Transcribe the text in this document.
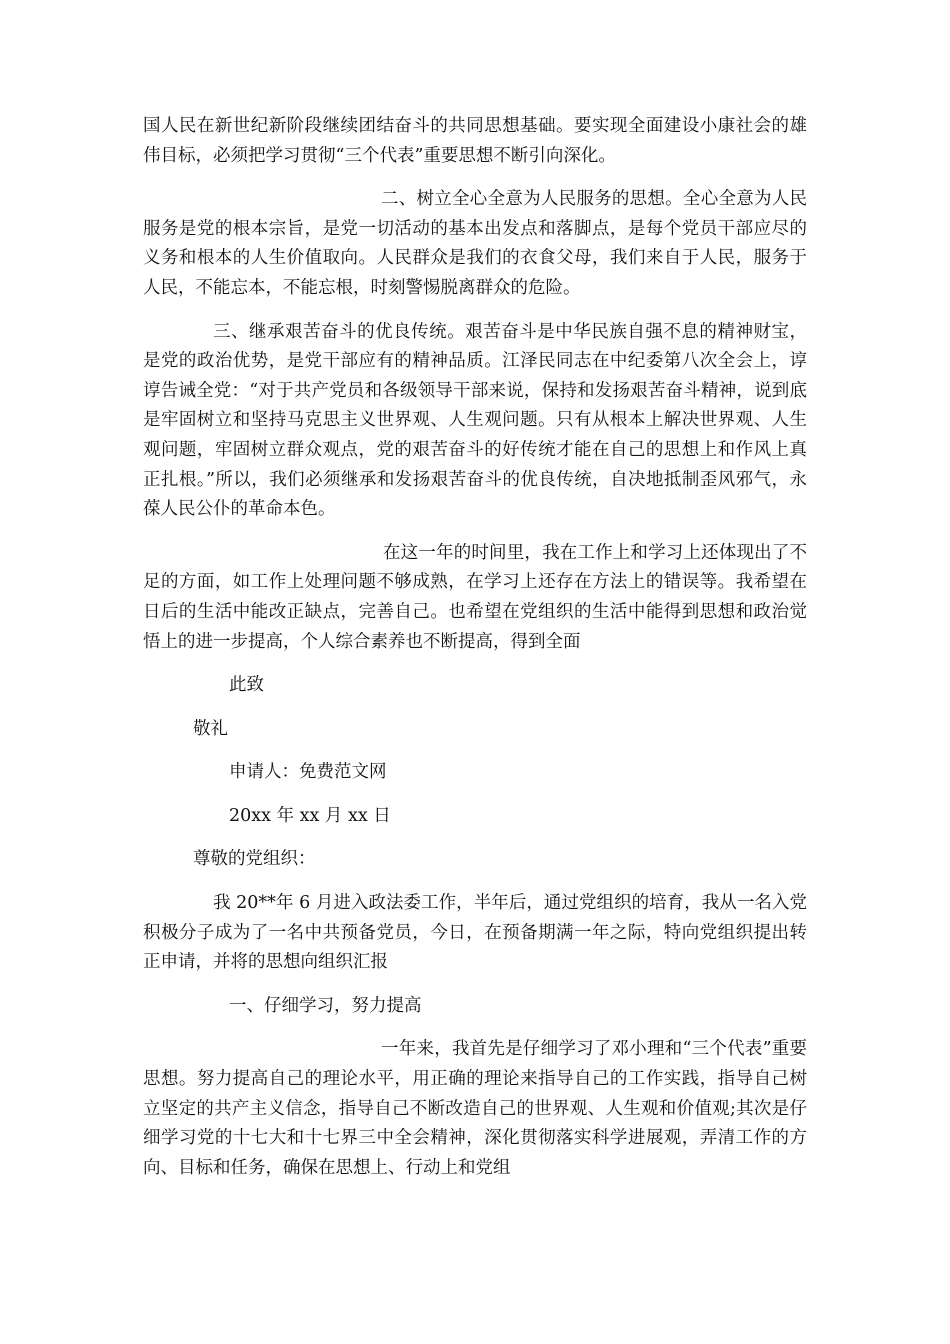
国人民在新世纪新阶段继续团结奋斗的共同思想基础。要实现全面建设小康社会的雄伟目标，必须把学习贯彻“三个代表”重要思想不断引向深化。

二、树立全心全意为人民服务的思想。全心全意为人民服务是党的根本宗旨，是党一切活动的基本出发点和落脚点，是每个党员干部应尽的义务和根本的人生价值取向。人民群众是我们的衣食父母，我们来自于人民，服务于人民，不能忘本，不能忘根，时刻警惕脱离群众的危险。

三、继承艰苦奋斗的优良传统。艰苦奋斗是中华民族自强不息的精神财宝，是党的政治优势，是党干部应有的精神品质。江泽民同志在中纪委第八次全会上，谆谆告诫全党：“对于共产党员和各级领导干部来说，保持和发扬艰苦奋斗精神，说到底是牢固树立和坚持马克思主义世界观、人生观问题。只有从根本上解决世界观、人生观问题，牢固树立群众观点，党的艰苦奋斗的好传统才能在自己的思想上和作风上真正扎根。”所以，我们必须继承和发扬艰苦奋斗的优良传统，自决地抵制歪风邪气，永葆人民公仆的革命本色。

在这一年的时间里，我在工作上和学习上还体现出了不足的方面，如工作上处理问题不够成熟，在学习上还存在方法上的错误等。我希望在日后的生活中能改正缺点，完善自己。也希望在党组织的生活中能得到思想和政治觉悟上的进一步提高，个人综合素养也不断提高，得到全面

此致

敬礼

申请人：免费范文网

20xx 年 xx 月 xx 日

尊敬的党组织：

我 20**年 6 月进入政法委工作，半年后，通过党组织的培育，我从一名入党积极分子成为了一名中共预备党员，今日，在预备期满一年之际，特向党组织提出转正申请，并将的思想向组织汇报

一、仔细学习，努力提高

一年来，我首先是仔细学习了邓小理和“三个代表”重要思想。努力提高自己的理论水平，用正确的理论来指导自己的工作实践，指导自己树立坚定的共产主义信念，指导自己不断改造自己的世界观、人生观和价值观;其次是仔细学习党的十七大和十七界三中全会精神，深化贯彻落实科学进展观，弄清工作的方向、目标和任务，确保在思想上、行动上和党组
